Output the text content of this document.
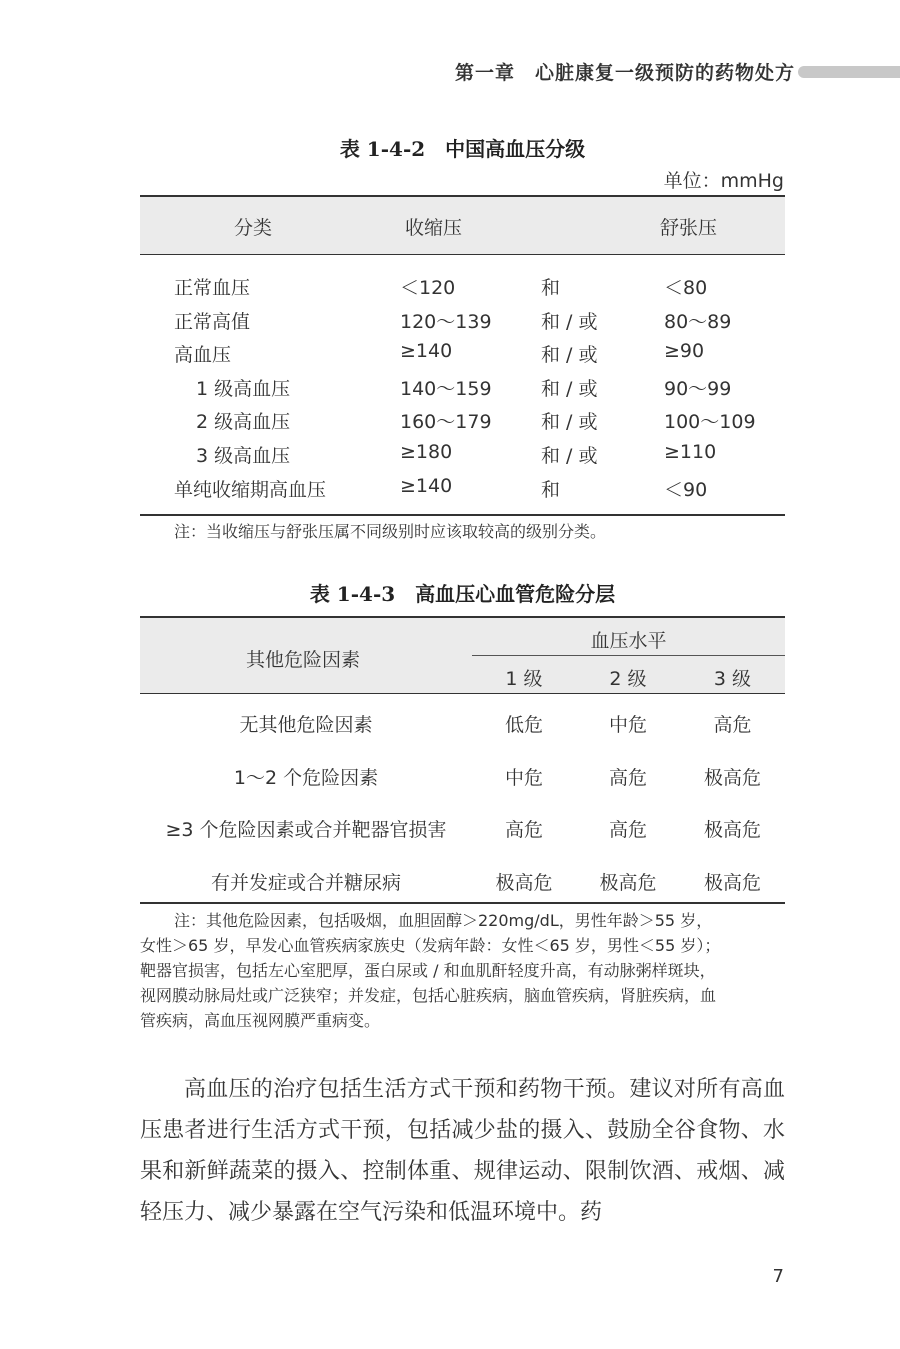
第一章　心脏康复一级预防的药物处方
表 1-4-2　中国高血压分级
单位：mmHg
分类	收缩压	舒张压
正常血压	＜120	和	＜80
正常高值	120～139	和 / 或	80～89
高血压	≥140	和 / 或	≥90
1 级高血压	140～159	和 / 或	90～99
2 级高血压	160～179	和 / 或	100～109
3 级高血压	≥180	和 / 或	≥110
单纯收缩期高血压	≥140	和	＜90
注：当收缩压与舒张压属不同级别时应该取较高的级别分类。
表 1-4-3　高血压心血管危险分层
其他危险因素
血压水平
1 级	2 级	3 级
无其他危险因素	低危	中危	高危
1～2 个危险因素	中危	高危	极高危
≥3 个危险因素或合并靶器官损害	高危	高危	极高危
有并发症或合并糖尿病	极高危	极高危	极高危
注：其他危险因素，包括吸烟，血胆固醇＞220mg/dL，男性年龄＞55 岁，
女性＞65 岁，早发心血管疾病家族史（发病年龄：女性＜65 岁，男性＜55 岁）；
靶器官损害，包括左心室肥厚，蛋白尿或 / 和血肌酐轻度升高，有动脉粥样斑块，
视网膜动脉局灶或广泛狭窄；并发症，包括心脏疾病，脑血管疾病，肾脏疾病，血
管疾病，高血压视网膜严重病变。

高血压的治疗包括生活方式干预和药物干预。建议对所有高血压患者进行生活方式干预，包括减少盐的摄入、鼓励全谷食物、水果和新鲜蔬菜的摄入、控制体重、规律运动、限制饮酒、戒烟、减轻压力、减少暴露在空气污染和低温环境中。药

7
